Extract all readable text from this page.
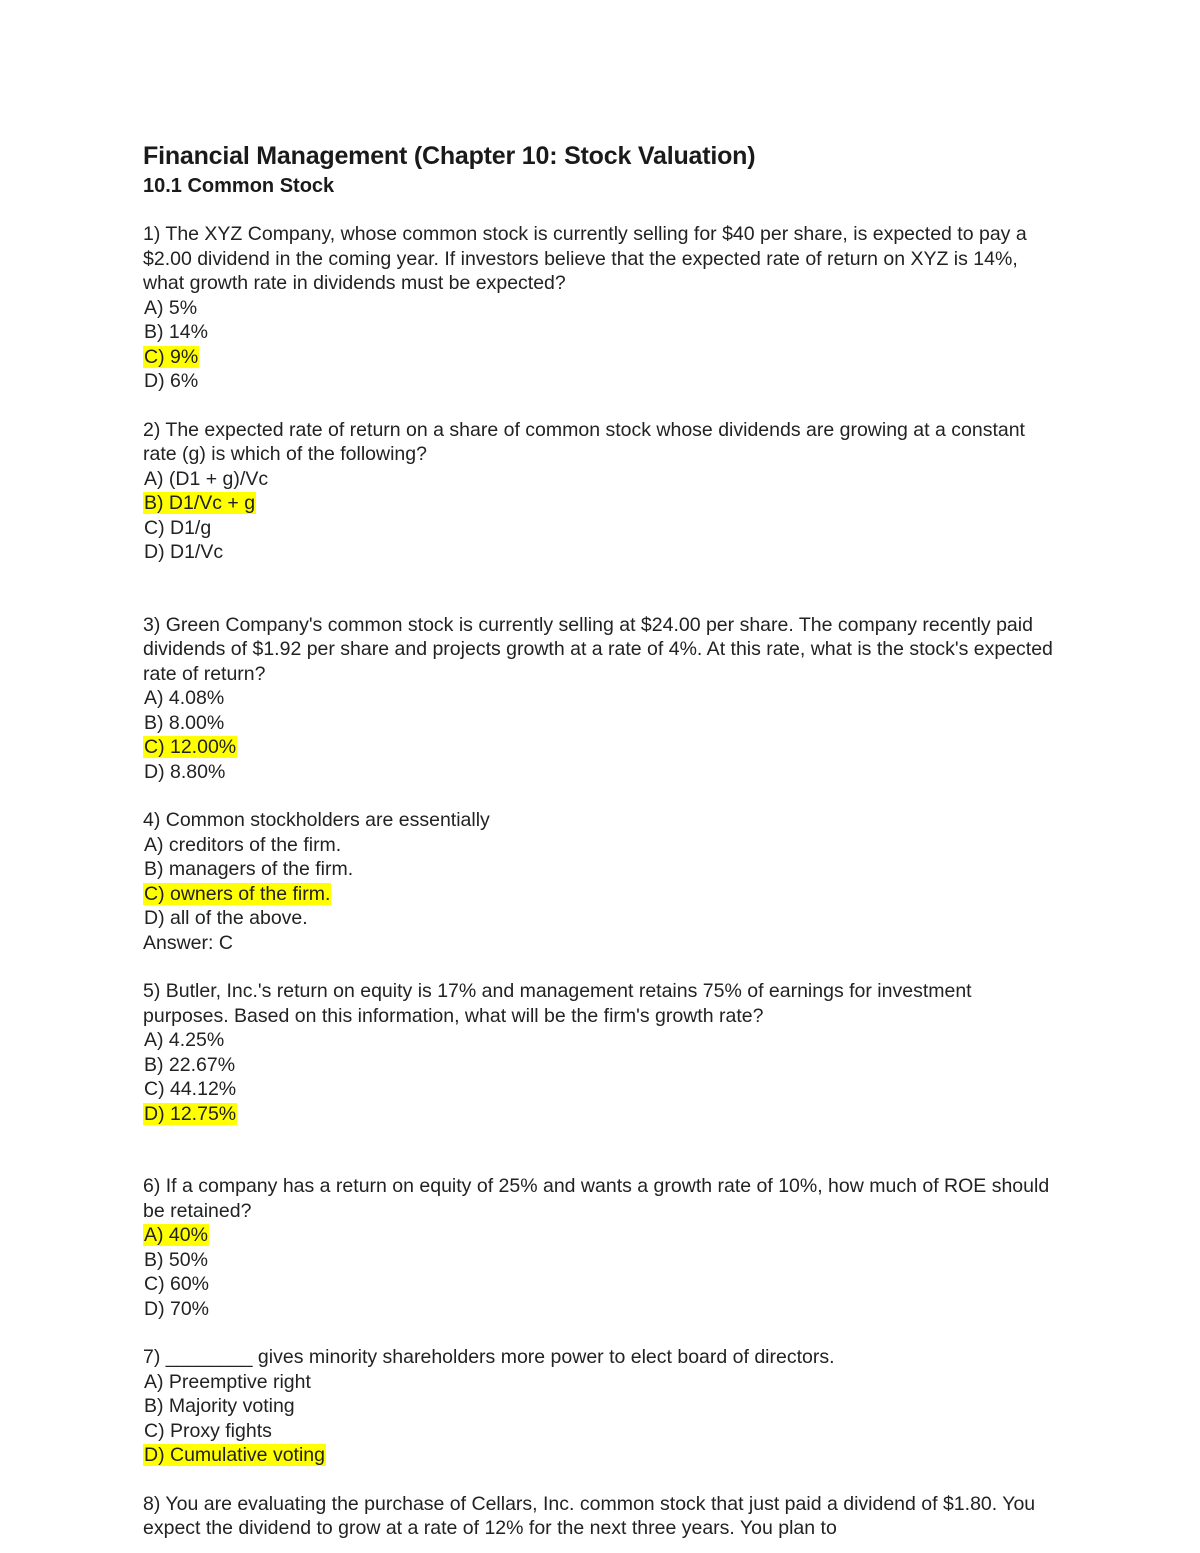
Financial Management (Chapter 10: Stock Valuation)
10.1 Common Stock

1) The XYZ Company, whose common stock is currently selling for $40 per share, is expected to pay a $2.00 dividend in the coming year. If investors believe that the expected rate of return on XYZ is 14%, what growth rate in dividends must be expected?

A) 5%
B) 14%
C) 9%
D) 6%

2) The expected rate of return on a share of common stock whose dividends are growing at a constant rate (g) is which of the following?

A) (D1 + g)/Vc
B) D1/Vc + g
C) D1/g
D) D1/Vc

3) Green Company's common stock is currently selling at $24.00 per share. The company recently paid dividends of $1.92 per share and projects growth at a rate of 4%. At this rate, what is the stock's expected rate of return?

A) 4.08%
B) 8.00%
C) 12.00%
D) 8.80%

4) Common stockholders are essentially

A) creditors of the firm.
B) managers of the firm.
C) owners of the firm.
D) all of the above.
Answer: C

5) Butler, Inc.'s return on equity is 17% and management retains 75% of earnings for investment purposes. Based on this information, what will be the firm's growth rate?

A) 4.25%
B) 22.67%
C) 44.12%
D) 12.75%

6) If a company has a return on equity of 25% and wants a growth rate of 10%, how much of ROE should be retained?

A) 40%
B) 50%
C) 60%
D) 70%

7) ________ gives minority shareholders more power to elect board of directors.

A) Preemptive right
B) Majority voting
C) Proxy fights
D) Cumulative voting

8) You are evaluating the purchase of Cellars, Inc. common stock that just paid a dividend of $1.80. You expect the dividend to grow at a rate of 12% for the next three years. You plan to
